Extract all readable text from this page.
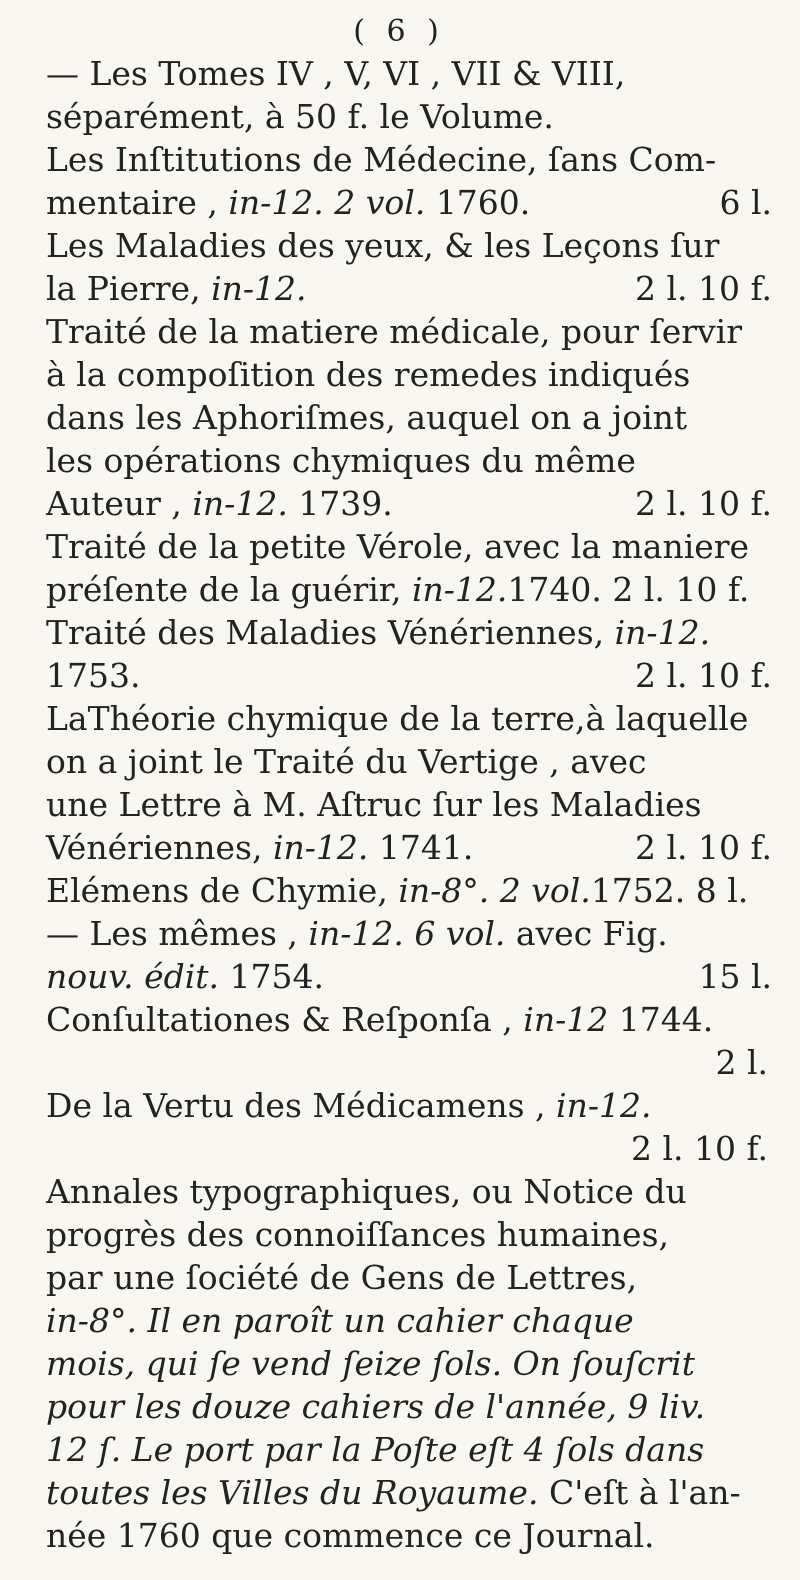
( 6 )
— Les Tomes IV , V, VI , VII & VIII,
séparément, à 50 f. le Volume.
Les Inſtitutions de Médecine, ſans Com-
mentaire , in-12. 2 vol. 1760.	6 l.
Les Maladies des yeux, & les Leçons ſur
la Pierre, in-12.	2 l. 10 f.
Traité de la matiere médicale, pour ſervir
à la compoſition des remedes indiqués
dans les Aphoriſmes, auquel on a joint
les opérations chymiques du même
Auteur , in-12. 1739.	2 l. 10 f.
Traité de la petite Vérole, avec la maniere
préſente de la guérir, in-12.1740. 2 l. 10 f.
Traité des Maladies Vénériennes, in-12.
1753.	2 l. 10 f.
LaThéorie chymique de la terre,à laquelle
on a joint le Traité du Vertige , avec
une Lettre à M. Aſtruc ſur les Maladies
Vénériennes, in-12. 1741.	2 l. 10 f.
Elémens de Chymie, in-8°. 2 vol.1752. 8 l.
— Les mêmes , in-12. 6 vol. avec Fig.
nouv. édit. 1754.	15 l.
Conſultationes & Reſponſa , in-12 1744.
2 l.
De la Vertu des Médicamens , in-12.
2 l. 10 f.
Annales typographiques, ou Notice du
progrès des connoiſſances humaines,
par une ſociété de Gens de Lettres,
in-8°. Il en paroît un cahier chaque
mois, qui ſe vend ſeize ſols. On ſouſcrit
pour les douze cahiers de l'année, 9 liv.
12 ſ. Le port par la Poſte eſt 4 ſols dans
toutes les Villes du Royaume. C'eſt à l'an-
née 1760 que commence ce Journal.
